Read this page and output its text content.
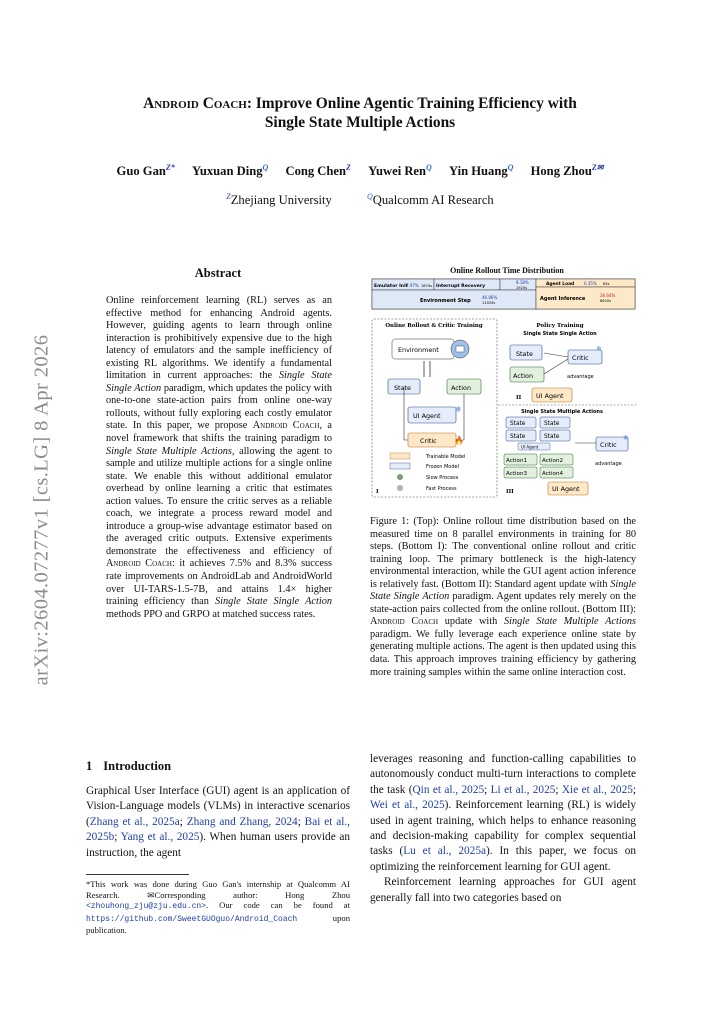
arXiv:2604.07277v1 [cs.LG] 8 Apr 2026
Android Coach: Improve Online Agentic Training Efficiency with
Single State Multiple Actions
Guo Gan$^{Z*}$ Yuxuan Ding$^Q$ Cong Chen$^Z$ Yuwei Ren$^Q$ Yin Huang$^Q$ Hong Zhou$^{Z✉}$
$^Z$Zhejiang University	$^Q$Qualcomm AI Research
Abstract
Online reinforcement learning (RL) serves as an effective method for enhancing Android agents. However, guiding agents to learn through online interaction is prohibitively expensive due to the high latency of emulators and the sample inefficiency of existing RL algorithms. We identify a fundamental limitation in current approaches: the Single State Single Action paradigm, which updates the policy with one-to-one state-action pairs from online one-way rollouts, without fully exploring each costly emulator state. In this paper, we propose Android Coach, a novel framework that shifts the training paradigm to Single State Multiple Actions, allowing the agent to sample and utilize multiple actions for a single online state. We enable this without additional emulator overhead by online learning a critic that estimates action values. To ensure the critic serves as a reliable coach, we integrate a process reward model and introduce a group-wise advantage estimator based on the averaged critic outputs. Extensive experiments demonstrate the effectiveness and efficiency of Android Coach: it achieves 7.5% and 8.3% success rate improvements on AndroidLab and AndroidWorld over UI-TARS-1.5-7B, and attains 1.4× higher training efficiency than Single State Single Action methods PPO and GRPO at matched success rates.
Online Rollout Time Distribution
Emulator Init
7.97% 1874s Interrupt Recovery
8.18%
1925s
Agent Load 0.35% 83s
Environment Step
46.86%
11025s
Agent Inference
36.64%
8620s
Online Rollout & Critic Training
Environment
State	Action
UI Agent
❄
Critic 🔥
I
Trainable Model
Frozen Model
Slow Process
Fast Process
Policy Training
Single State Single Action
State
Action
Critic
❄
advantage
UI Agent
II
Single State Multiple Actions
State	State
State	State
UI Agent
Action1	Action2
Action3	Action4
Critic
❄
advantage
UI Agent
III
Figure 1: (Top): Online rollout time distribution based on the measured time on 8 parallel environments in training for 80 steps. (Bottom I): The conventional online rollout and critic training loop. The primary bottleneck is the high-latency environmental interaction, while the GUI agent action inference is relatively fast. (Bottom II): Standard agent update with Single State Single Action paradigm. Agent updates rely merely on the state-action pairs collected from the online rollout. (Bottom III): Android Coach update with Single State Multiple Actions paradigm. We fully leverage each experience online state by generating multiple actions. The agent is then updated using this data. This approach improves training efficiency by gathering more training samples within the same online interaction cost.
1 Introduction
Graphical User Interface (GUI) agent is an application of Vision-Language models (VLMs) in interactive scenarios (Zhang et al., 2025a; Zhang and Zhang, 2024; Bai et al., 2025b; Yang et al., 2025). When human users provide an instruction, the agent
*This work was done during Guo Gan's internship at Qualcomm AI Research. ✉Corresponding author: Hong Zhou <zhouhong_zju@zju.edu.cn>. Our code can be found at https://github.com/SweetGUOguo/Android_Coach upon publication.
leverages reasoning and function-calling capabilities to autonomously conduct multi-turn interactions to complete the task (Qin et al., 2025; Li et al., 2025; Xie et al., 2025; Wei et al., 2025). Reinforcement learning (RL) is widely used in agent training, which helps to enhance reasoning and decision-making capability for complex sequential tasks (Lu et al., 2025a). In this paper, we focus on optimizing the reinforcement learning for GUI agent.
Reinforcement learning approaches for GUI agent generally fall into two categories based on
